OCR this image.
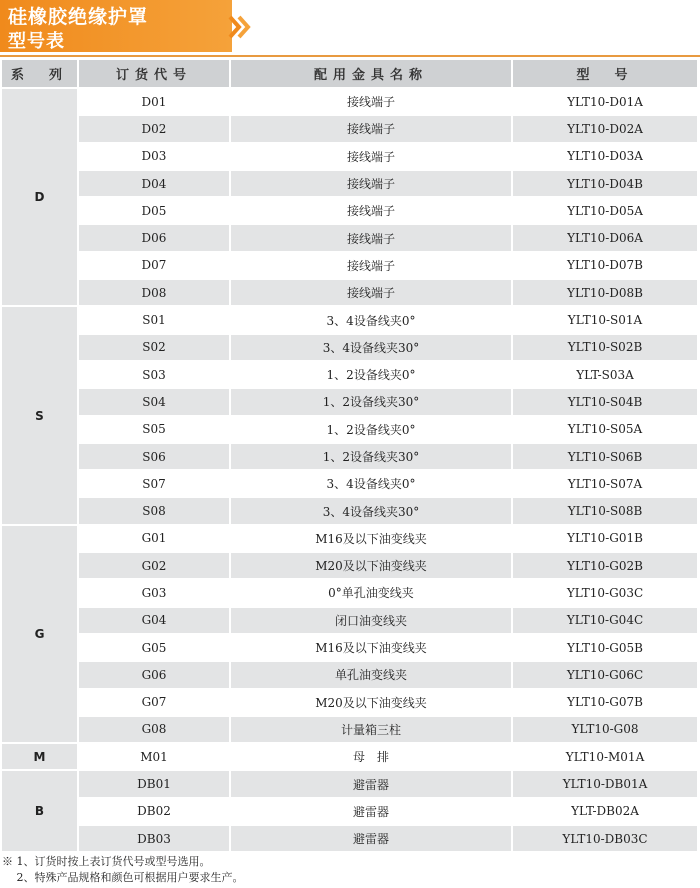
硅橡胶绝缘护罩
型号表
系　列	订货代号	配用金具名称	型　号
D	D01	接线端子	YLT10-D01A
	D02	接线端子	YLT10-D02A
	D03	接线端子	YLT10-D03A
	D04	接线端子	YLT10-D04B
	D05	接线端子	YLT10-D05A
	D06	接线端子	YLT10-D06A
	D07	接线端子	YLT10-D07B
	D08	接线端子	YLT10-D08B
S	S01	3、4设备线夹0°	YLT10-S01A
	S02	3、4设备线夹30°	YLT10-S02B
	S03	1、2设备线夹0°	YLT-S03A
	S04	1、2设备线夹30°	YLT10-S04B
	S05	1、2设备线夹0°	YLT10-S05A
	S06	1、2设备线夹30°	YLT10-S06B
	S07	3、4设备线夹0°	YLT10-S07A
	S08	3、4设备线夹30°	YLT10-S08B
G	G01	M16及以下油变线夹	YLT10-G01B
	G02	M20及以下油变线夹	YLT10-G02B
	G03	0°单孔油变线夹	YLT10-G03C
	G04	闭口油变线夹	YLT10-G04C
	G05	M16及以下油变线夹	YLT10-G05B
	G06	单孔油变线夹	YLT10-G06C
	G07	M20及以下油变线夹	YLT10-G07B
	G08	计量箱三柱	YLT10-G08
M	M01	母　排	YLT10-M01A
B	DB01	避雷器	YLT10-DB01A
	DB02	避雷器	YLT-DB02A
	DB03	避雷器	YLT10-DB03C
※ 1、订货时按上表订货代号或型号选用。
　 2、特殊产品规格和颜色可根据用户要求生产。
